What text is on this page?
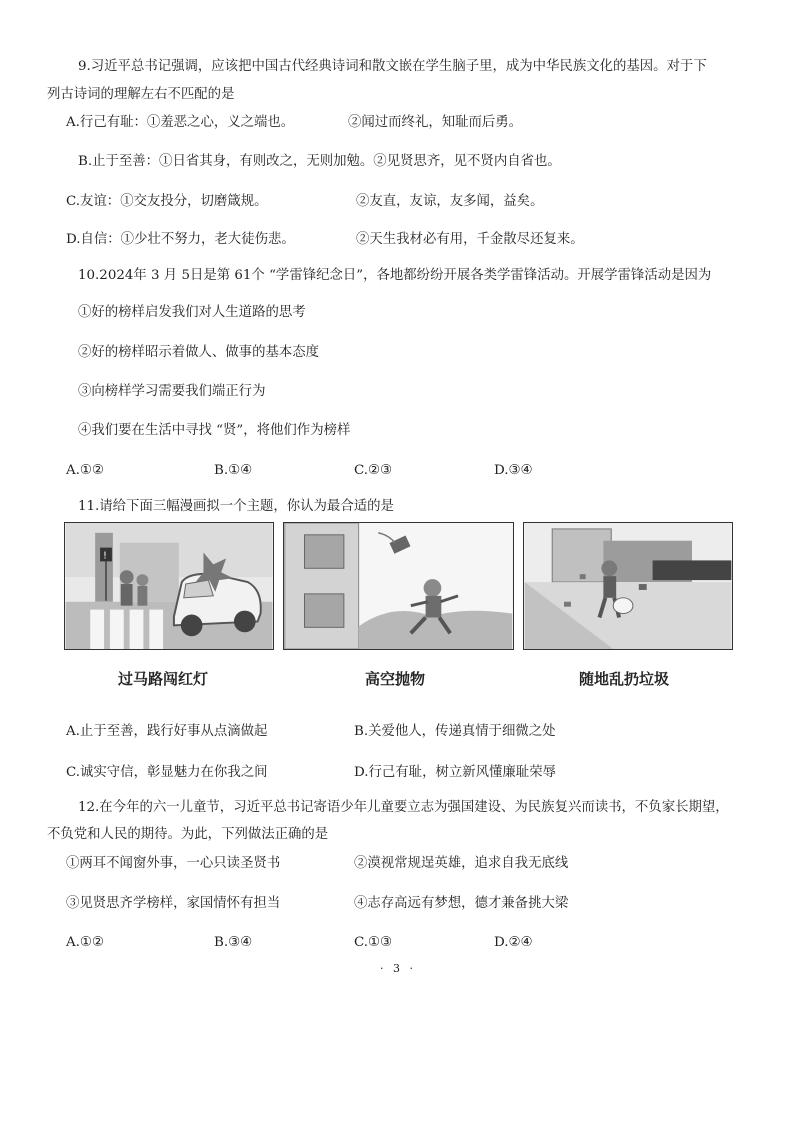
9.习近平总书记强调，应该把中国古代经典诗词和散文嵌在学生脑子里，成为中华民族文化的基因。对于下
列古诗词的理解左右不匹配的是
A.行己有耻：①羞恶之心，义之端也。	②闻过而终礼，知耻而后勇。
B.止于至善：①日省其身，有则改之，无则加勉。②见贤思齐，见不贤内自省也。
C.友谊：①交友投分，切磨箴规。	②友直，友谅，友多闻，益矣。
D.自信：①少壮不努力，老大徒伤悲。	②天生我材必有用，千金散尽还复来。
10.2024年 3 月 5日是第 61个 “学雷锋纪念日”，各地都纷纷开展各类学雷锋活动。开展学雷锋活动是因为
①好的榜样启发我们对人生道路的思考
②好的榜样昭示着做人、做事的基本态度
③向榜样学习需要我们端正行为
④我们要在生活中寻找 “贤”，将他们作为榜样
A.①②	B.①④	C.②③	D.③④
11.请给下面三幅漫画拟一个主题，你认为最合适的是
!
过马路闯红灯	高空抛物	随地乱扔垃圾
A.止于至善，践行好事从点滴做起	B.关爱他人，传递真情于细微之处
C.诚实守信，彰显魅力在你我之间	D.行己有耻，树立新风懂廉耻荣辱
12.在今年的六一儿童节，习近平总书记寄语少年儿童要立志为强国建设、为民族复兴而读书，不负家长期望，
不负党和人民的期待。为此，下列做法正确的是
①两耳不闻窗外事，一心只读圣贤书	②漠视常规逞英雄，追求自我无底线
③见贤思齐学榜样，家国情怀有担当	④志存高远有梦想，德才兼备挑大梁
A.①②	B.③④	C.①③	D.②④
· 3 ·
